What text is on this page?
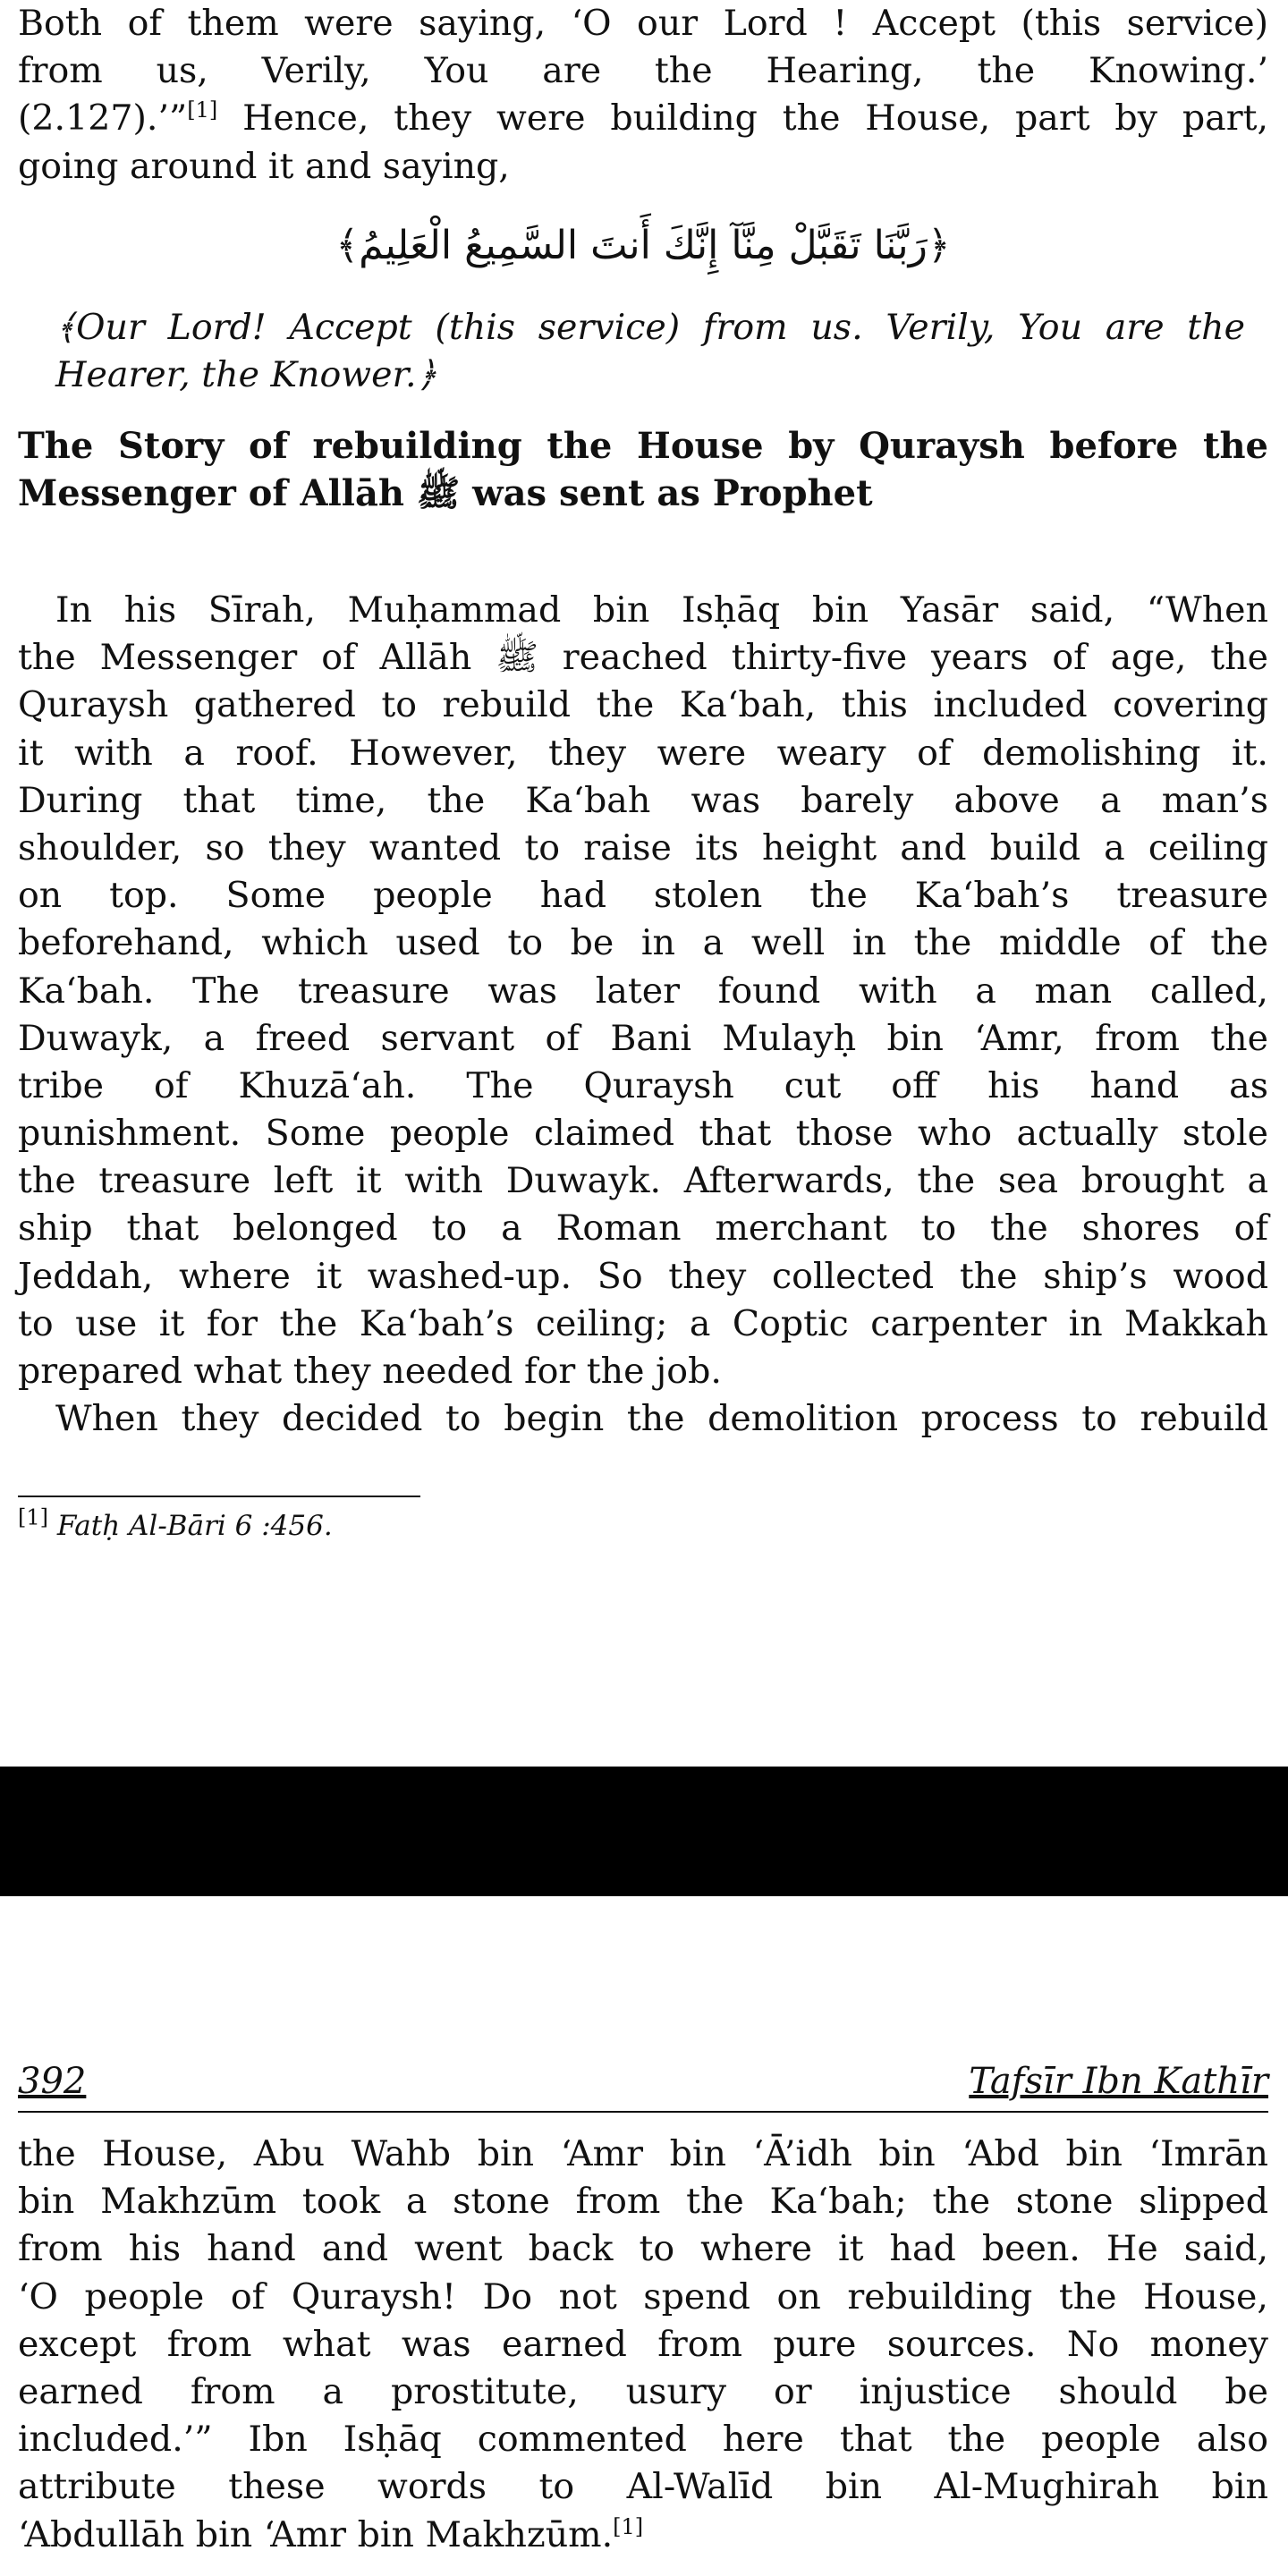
Both of them were saying, ‘O our Lord ! Accept (this service)
from us, Verily, You are the Hearing, the Knowing.’
(2.127).’”[1] Hence, they were building the House, part by part,
going around it and saying,
﴿رَبَّنَا تَقَبَّلْ مِنَّآ إِنَّكَ أَنتَ السَّمِيعُ الْعَلِيمُ﴾
﴾Our Lord! Accept (this service) from us. Verily, You are the
Hearer, the Knower.﴿
The Story of rebuilding the House by Quraysh before the
Messenger of Allāh ﷺ was sent as Prophet
In his Sīrah, Muḥammad bin Isḥāq bin Yasār said, “When
the Messenger of Allāh ﷺ reached thirty-five years of age, the
Quraysh gathered to rebuild the Ka‘bah, this included covering
it with a roof. However, they were weary of demolishing it.
During that time, the Ka‘bah was barely above a man’s
shoulder, so they wanted to raise its height and build a ceiling
on top. Some people had stolen the Ka‘bah’s treasure
beforehand, which used to be in a well in the middle of the
Ka‘bah. The treasure was later found with a man called,
Duwayk, a freed servant of Bani Mulayḥ bin ‘Amr, from the
tribe of Khuzā‘ah. The Quraysh cut off his hand as
punishment. Some people claimed that those who actually stole
the treasure left it with Duwayk. Afterwards, the sea brought a
ship that belonged to a Roman merchant to the shores of
Jeddah, where it washed-up. So they collected the ship’s wood
to use it for the Ka‘bah’s ceiling; a Coptic carpenter in Makkah
prepared what they needed for the job.
When they decided to begin the demolition process to rebuild
[1] Fatḥ Al-Bāri 6 :456.
392	Tafsīr Ibn Kathīr
the House, Abu Wahb bin ‘Amr bin ‘Ā’idh bin ‘Abd bin ‘Imrān
bin Makhzūm took a stone from the Ka‘bah; the stone slipped
from his hand and went back to where it had been. He said,
‘O people of Quraysh! Do not spend on rebuilding the House,
except from what was earned from pure sources. No money
earned from a prostitute, usury or injustice should be
included.’” Ibn Isḥāq commented here that the people also
attribute these words to Al-Walīd bin Al-Mughirah bin
‘Abdullāh bin ‘Amr bin Makhzūm.[1]
